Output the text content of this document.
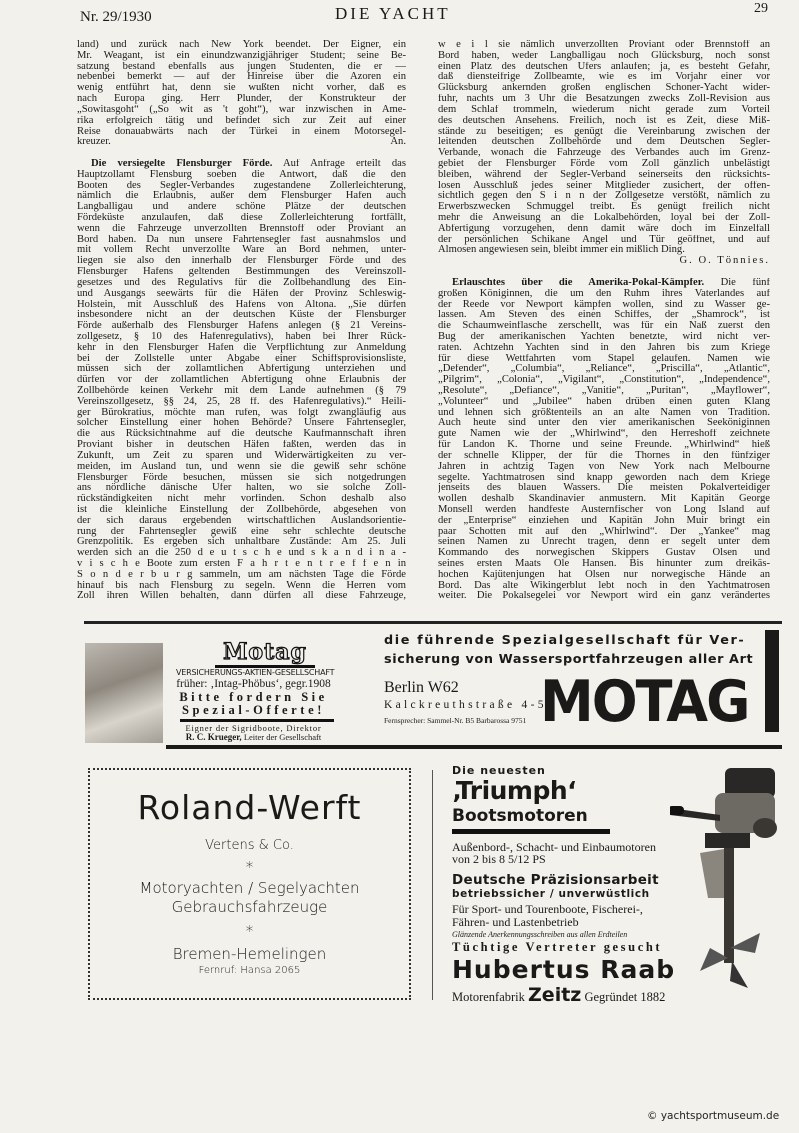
Nr. 29/1930	DIE YACHT	29
land) und zurück nach New York beendet. Der Eigner, ein
Mr. Weagant, ist ein einundzwanzigjähriger Student; seine Be-
satzung bestand ebenfalls aus jungen Studenten, die er —
nebenbei bemerkt — auf der Hinreise über die Azoren ein
wenig entführt hat, denn sie wußten nicht vorher, daß es
nach Europa ging. Herr Plunder, der Konstrukteur der
„Sowitasgoht“ („So wit as 't goht“), war inzwischen in Ame-
rika erfolgreich tätig und befindet sich zur Zeit auf einer
Reise donauabwärts nach der Türkei in einem Motorsegel-
kreuzer.	An.
Die versiegelte Flensburger Förde. Auf Anfrage erteilt das
Hauptzollamt Flensburg soeben die Antwort, daß die den
Booten des Segler-Verbandes zugestandene Zollerleichterung,
nämlich die Erlaubnis, außer dem Flensburger Hafen auch
Langballigau und andere schöne Plätze der deutschen
Fördeküste anzulaufen, daß diese Zollerleichterung fortfällt,
wenn die Fahrzeuge unverzollten Brennstoff oder Proviant an
Bord haben. Da nun unsere Fahrtensegler fast ausnahmslos und
mit vollem Recht unverzollte Ware an Bord nehmen, unter-
liegen sie also den innerhalb der Flensburger Förde und des
Flensburger Hafens geltenden Bestimmungen des Vereinszoll-
gesetzes und des Regulativs für die Zollbehandlung des Ein-
und Ausgangs seewärts für die Häfen der Provinz Schleswig-
Holstein, mit Ausschluß des Hafens von Altona. „Sie dürfen
insbesondere nicht an der deutschen Küste der Flensburger
Förde außerhalb des Flensburger Hafens anlegen (§ 21 Vereins-
zollgesetz, § 10 des Hafenregulativs), haben bei Ihrer Rück-
kehr in den Flensburger Hafen die Verpflichtung zur Anmeldung
bei der Zollstelle unter Abgabe einer Schiffsprovisionsliste,
müssen sich der zollamtlichen Abfertigung unterziehen und
dürfen vor der zollamtlichen Abfertigung ohne Erlaubnis der
Zollbehörde keinen Verkehr mit dem Lande aufnehmen (§ 79
Vereinszollgesetz, §§ 24, 25, 28 ff. des Hafenregulativs).“ Heili-
ger Bürokratius, möchte man rufen, was folgt zwangläufig aus
solcher Einstellung einer hohen Behörde? Unsere Fahrtensegler,
die aus Rücksichtnahme auf die deutsche Kaufmannschaft ihren
Proviant bisher in deutschen Häfen faßten, werden das in
Zukunft, um Zeit zu sparen und Widerwärtigkeiten zu ver-
meiden, im Ausland tun, und wenn sie die gewiß sehr schöne
Flensburger Förde besuchen, müssen sie sich notgedrungen
ans nördliche dänische Ufer halten, wo sie solche Zoll-
rückständigkeiten nicht mehr vorfinden. Schon deshalb also
ist die kleinliche Einstellung der Zollbehörde, abgesehen von
der sich daraus ergebenden wirtschaftlichen Auslandsorientie-
rung der Fahrtensegler gewiß eine sehr schlechte deutsche
Grenzpolitik. Es ergeben sich unhaltbare Zustände: Am 25. Juli
werden sich an die 250 d e u t s c h e und s k a n d i n a -
v i s c h e Boote zum ersten F a h r t e n t r e f f e n in
S o n d e r b u r g sammeln, um am nächsten Tage die Förde
hinauf bis nach Flensburg zu segeln. Wenn die Herren vom
Zoll ihren Willen behalten, dann dürfen all diese Fahrzeuge,
w e i l sie nämlich unverzollten Proviant oder Brennstoff an
Bord haben, weder Langballigau noch Glücksburg, noch sonst
einen Platz des deutschen Ufers anlaufen; ja, es besteht Gefahr,
daß diensteifrige Zollbeamte, wie es im Vorjahr einer vor
Glücksburg ankernden großen englischen Schoner-Yacht wider-
fuhr, nachts um 3 Uhr die Besatzungen zwecks Zoll-Revision aus
dem Schlaf trommeln, wiederum nicht gerade zum Vorteil
des deutschen Ansehens. Freilich, noch ist es Zeit, diese Miß-
stände zu beseitigen; es genügt die Vereinbarung zwischen der
leitenden deutschen Zollbehörde und dem Deutschen Segler-
Verbande, wonach die Fahrzeuge des Verbandes auch im Grenz-
gebiet der Flensburger Förde vom Zoll gänzlich unbelästigt
bleiben, während der Segler-Verband seinerseits den rücksichts-
losen Ausschluß jedes seiner Mitglieder zusichert, der offen-
sichtlich gegen den S i n n der Zollgesetze verstößt, nämlich zu
Erwerbszwecken Schmuggel treibt. Es genügt freilich nicht
mehr die Anweisung an die Lokalbehörden, loyal bei der Zoll-
Abfertigung vorzugehen, denn damit wäre doch im Einzelfall
der persönlichen Schikane Angel und Tür geöffnet, und auf
Almosen angewiesen sein, bleibt immer ein mißlich Ding.
G. O. Tönnies.
Erlauschtes über die Amerika-Pokal-Kämpfer. Die fünf
großen Königinnen, die um den Ruhm ihres Vaterlandes auf
der Reede vor Newport kämpfen wollen, sind zu Wasser ge-
lassen. Am Steven des einen Schiffes, der „Shamrock“, ist
die Schaumweinflasche zerschellt, was für ein Naß zuerst den
Bug der amerikanischen Yachten benetzte, wird nicht ver-
raten. Achtzehn Yachten sind in den Jahren bis zum Kriege
für diese Wettfahrten vom Stapel gelaufen. Namen wie
„Defender“, „Columbia“, „Reliance“, „Priscilla“, „Atlantic“,
„Pilgrim“, „Colonia“, „Vigilant“, „Constitution“, „Independence“,
„Resolute“, „Defiance“, „Vanitie“, „Puritan“, „Mayflower“,
„Volunteer“ und „Jubilee“ haben drüben einen guten Klang
und lehnen sich größtenteils an an alte Namen von Tradition.
Auch heute sind unter den vier amerikanischen Seeköniginnen
gute Namen wie der „Whirlwind“, den Herreshoff zeichnete
für Landon K. Thorne und seine Freunde. „Whirlwind“ hieß
der schnelle Klipper, der für die Thornes in den fünfziger
Jahren in achtzig Tagen von New York nach Melbourne
segelte. Yachtmatrosen sind knapp geworden nach dem Kriege
jenseits des blauen Wassers. Die meisten Pokalverteidiger
wollen deshalb Skandinavier anmustern. Mit Kapitän George
Monsell werden handfeste Austernfischer von Long Island auf
der „Enterprise“ einziehen und Kapitän John Muir bringt ein
paar Schotten mit auf den „Whirlwind“. Der „Yankee“ mag
seinen Namen zu Unrecht tragen, denn er segelt unter dem
Kommando des norwegischen Skippers Gustav Olsen und
seines ersten Maats Ole Hansen. Bis hinunter zum dreikäs-
hochen Kajütenjungen hat Olsen nur norwegische Hände an
Bord. Das alte Wikingerblut lebt noch in den Yachtmatrosen
weiter. Die Pokalsegelei vor Newport wird ein ganz verändertes
Motag
VERSICHERUNGS-AKTIEN-GESELLSCHAFT
früher: ‚Intag-Phöbus‘, gegr.1908
Bitte fordern Sie
Spezial-Offerte!
Eigner der Sigridboote, Direktor
R. C. Krueger, Leiter der Gesellschaft
die führende Spezialgesellschaft für Ver-
sicherung von Wassersportfahrzeugen aller Art
Berlin W62
Kalckreuthstraße 4-5
Fernsprecher: Sammel-Nr. B5 Barbarossa 9751 MOTAG
Roland-Werft
Vertens & Co.
*
Motoryachten / Segelyachten
Gebrauchsfahrzeuge
*
Bremen-Hemelingen
Fernruf: Hansa 2065
Die neuesten
‚Triumph‘
Bootsmotoren
Außenbord-, Schacht- und Einbaumotoren
von 2 bis 8 5/12 PS
Deutsche Präzisionsarbeit
betriebssicher / unverwüstlich
Für Sport- und Tourenboote, Fischerei-,
Fähren- und Lastenbetrieb
Glänzende Anerkennungsschreiben aus allen Erdteilen
Tüchtige Vertreter gesucht
Hubertus Raab
Motorenfabrik Zeitz Gegründet 1882
© yachtsportmuseum.de
